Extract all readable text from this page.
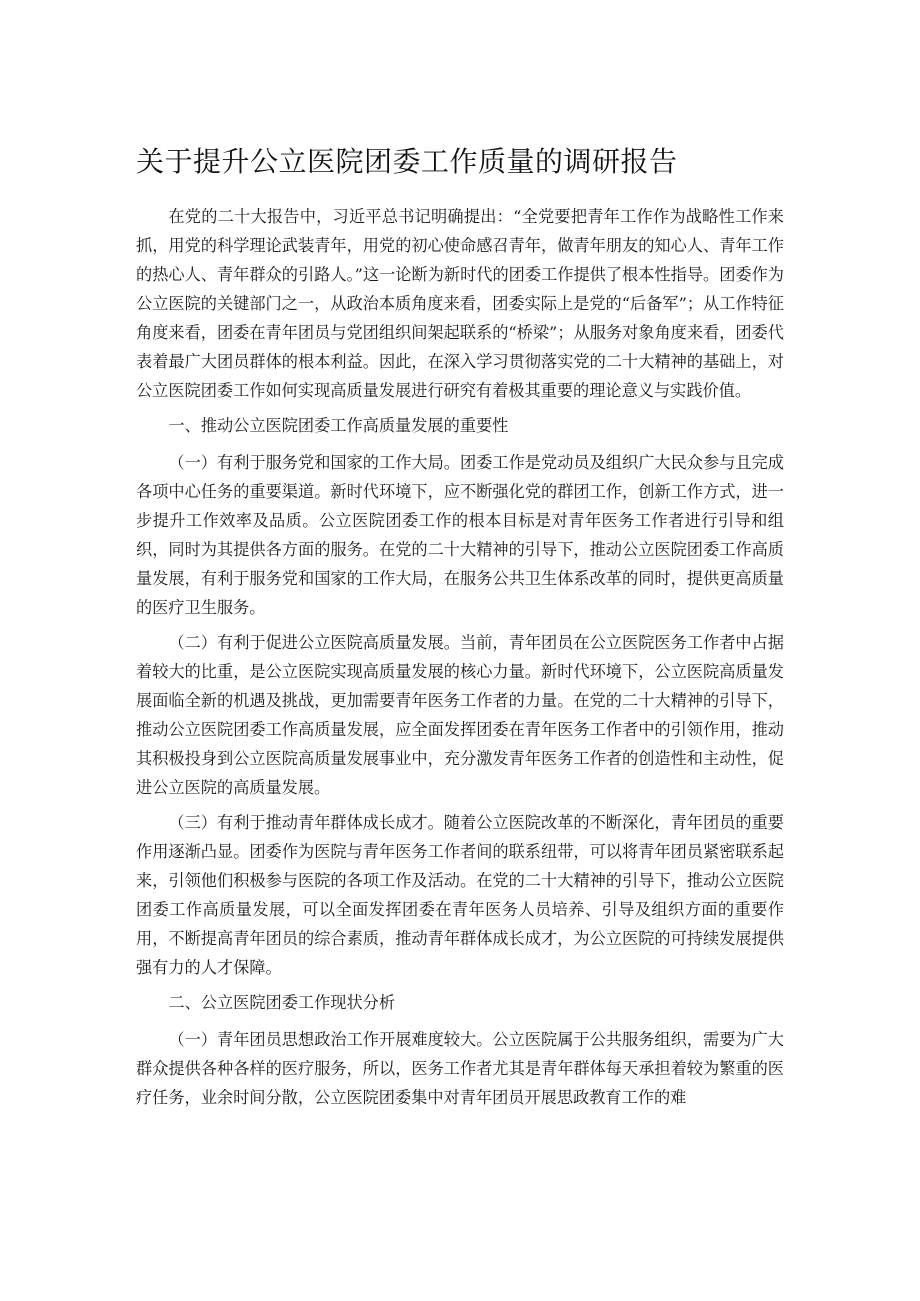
关于提升公立医院团委工作质量的调研报告

在党的二十大报告中，习近平总书记明确提出：“全党要把青年工作作为战略性工作来抓，用党的科学理论武装青年，用党的初心使命感召青年，做青年朋友的知心人、青年工作的热心人、青年群众的引路人。”这一论断为新时代的团委工作提供了根本性指导。团委作为公立医院的关键部门之一，从政治本质角度来看，团委实际上是党的“后备军”；从工作特征角度来看，团委在青年团员与党团组织间架起联系的“桥梁”；从服务对象角度来看，团委代表着最广大团员群体的根本利益。因此，在深入学习贯彻落实党的二十大精神的基础上，对公立医院团委工作如何实现高质量发展进行研究有着极其重要的理论意义与实践价值。

一、推动公立医院团委工作高质量发展的重要性

（一）有利于服务党和国家的工作大局。团委工作是党动员及组织广大民众参与且完成各项中心任务的重要渠道。新时代环境下，应不断强化党的群团工作，创新工作方式，进一步提升工作效率及品质。公立医院团委工作的根本目标是对青年医务工作者进行引导和组织，同时为其提供各方面的服务。在党的二十大精神的引导下，推动公立医院团委工作高质量发展，有利于服务党和国家的工作大局，在服务公共卫生体系改革的同时，提供更高质量的医疗卫生服务。

（二）有利于促进公立医院高质量发展。当前，青年团员在公立医院医务工作者中占据着较大的比重，是公立医院实现高质量发展的核心力量。新时代环境下，公立医院高质量发展面临全新的机遇及挑战，更加需要青年医务工作者的力量。在党的二十大精神的引导下，推动公立医院团委工作高质量发展，应全面发挥团委在青年医务工作者中的引领作用，推动其积极投身到公立医院高质量发展事业中，充分激发青年医务工作者的创造性和主动性，促进公立医院的高质量发展。

（三）有利于推动青年群体成长成才。随着公立医院改革的不断深化，青年团员的重要作用逐渐凸显。团委作为医院与青年医务工作者间的联系纽带，可以将青年团员紧密联系起来，引领他们积极参与医院的各项工作及活动。在党的二十大精神的引导下，推动公立医院团委工作高质量发展，可以全面发挥团委在青年医务人员培养、引导及组织方面的重要作用，不断提高青年团员的综合素质，推动青年群体成长成才，为公立医院的可持续发展提供强有力的人才保障。

二、公立医院团委工作现状分析

（一）青年团员思想政治工作开展难度较大。公立医院属于公共服务组织，需要为广大群众提供各种各样的医疗服务，所以，医务工作者尤其是青年群体每天承担着较为繁重的医疗任务，业余时间分散，公立医院团委集中对青年团员开展思政教育工作的难
